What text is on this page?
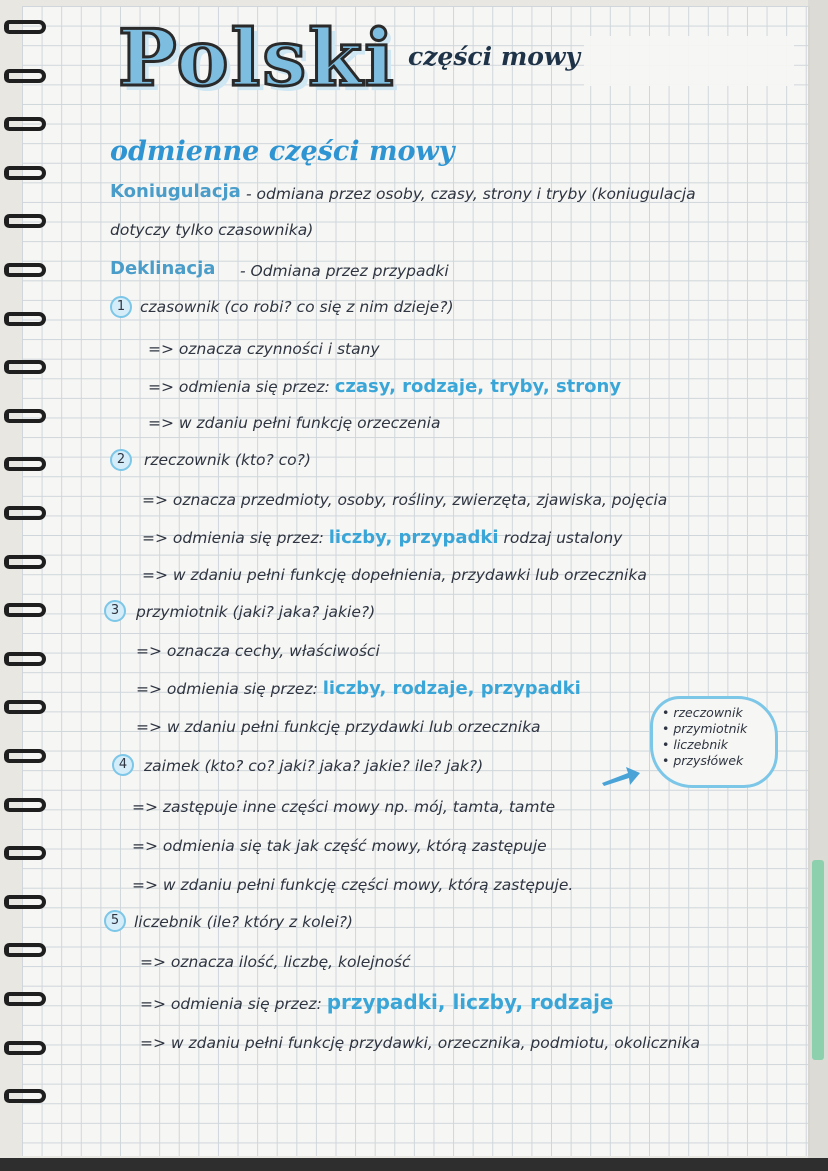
Polski części mowy
odmienne części mowy
Koniugulacja - odmiana przez osoby, czasy, strony i tryby (koniugulacja
dotyczy tylko czasownika)
Deklinacja - Odmiana przez przypadki
1 czasownik (co robi? co się z nim dzieje?)
=> oznacza czynności i stany
=> odmienia się przez: czasy, rodzaje, tryby, strony
=> w zdaniu pełni funkcję orzeczenia
2	rzeczownik (kto? co?)
=> oznacza przedmioty, osoby, rośliny, zwierzęta, zjawiska, pojęcia
=> odmienia się przez: liczby, przypadki rodzaj ustalony
=> w zdaniu pełni funkcję dopełnienia, przydawki lub orzecznika
3	przymiotnik (jaki? jaka? jakie?)
=> oznacza cechy, właściwości
=> odmienia się przez: liczby, rodzaje, przypadki
=> w zdaniu pełni funkcję przydawki lub orzecznika
4	zaimek (kto? co? jaki? jaka? jakie? ile? jak?)
=> zastępuje inne części mowy np. mój, tamta, tamte
=> odmienia się tak jak część mowy, którą zastępuje
=> w zdaniu pełni funkcję części mowy, którą zastępuje.
5 liczebnik (ile? który z kolei?)
=> oznacza ilość, liczbę, kolejność
=> odmienia się przez: przypadki, liczby, rodzaje
=> w zdaniu pełni funkcję przydawki, orzecznika, podmiotu, okolicznika
• rzeczownik
• przymiotnik
• liczebnik
• przysłówek
